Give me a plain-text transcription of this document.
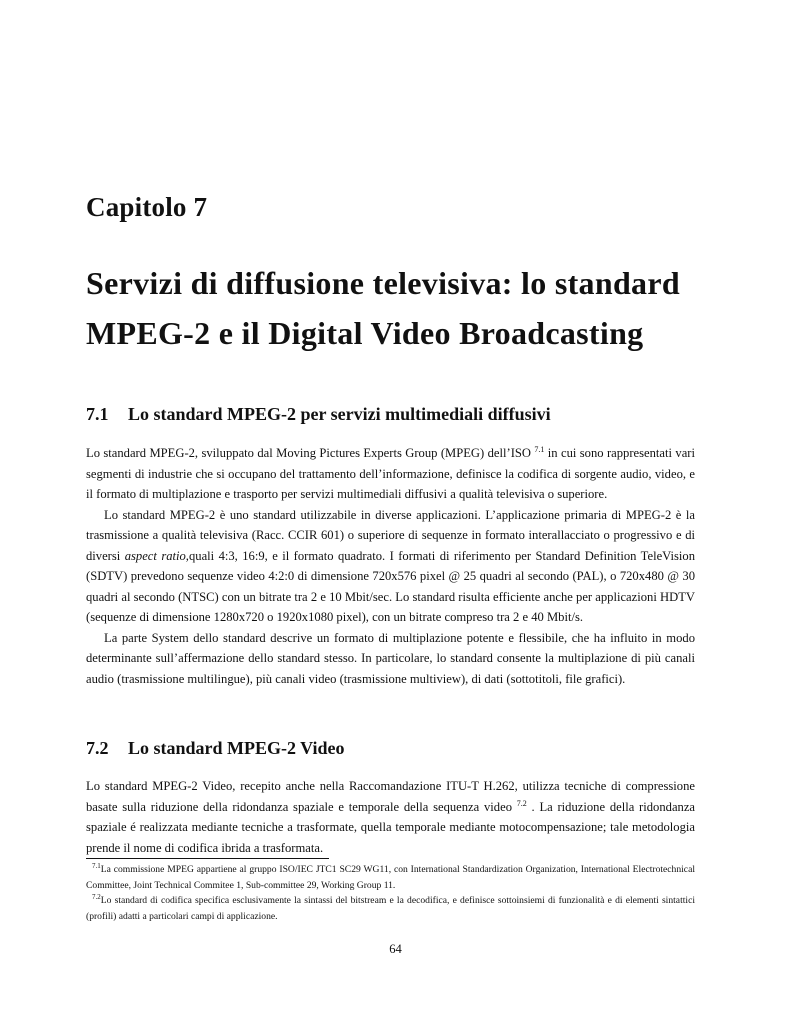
Capitolo 7
Servizi di diffusione televisiva: lo standard
MPEG-2 e il Digital Video Broadcasting
7.1 Lo standard MPEG-2 per servizi multimediali diffusivi

Lo standard MPEG-2, sviluppato dal Moving Pictures Experts Group (MPEG) dell’ISO $^{7.1}$ in cui sono rappresentati vari segmenti di industrie che si occupano del trattamento dell’informazione, definisce la codifica di sorgente audio, video, e il formato di multiplazione e trasporto per servizi multimediali diffusivi a qualità televisiva o superiore.

Lo standard MPEG-2 è uno standard utilizzabile in diverse applicazioni. L’applicazione primaria di MPEG-2 è la trasmissione a qualità televisiva (Racc. CCIR 601) o superiore di sequenze in formato interallacciato o progressivo e di diversi aspect ratio,quali 4:3, 16:9, e il formato quadrato. I formati di riferimento per Standard Definition TeleVision (SDTV) prevedono sequenze video 4:2:0 di dimensione 720x576 pixel @ 25 quadri al secondo (PAL), o 720x480 @ 30 quadri al secondo (NTSC) con un bitrate tra 2 e 10 Mbit/sec. Lo standard risulta efficiente anche per applicazioni HDTV (sequenze di dimensione 1280x720 o 1920x1080 pixel), con un bitrate compreso tra 2 e 40 Mbit/s.

La parte System dello standard descrive un formato di multiplazione potente e flessibile, che ha influito in modo determinante sull’affermazione dello standard stesso. In particolare, lo standard consente la multiplazione di più canali audio (trasmissione multilingue), più canali video (trasmissione multiview), di dati (sottotitoli, file grafici).

7.2 Lo standard MPEG-2 Video

Lo standard MPEG-2 Video, recepito anche nella Raccomandazione ITU-T H.262, utilizza tecniche di compressione basate sulla riduzione della ridondanza spaziale e temporale della sequenza video $^{7.2}$ . La riduzione della ridondanza spaziale é realizzata mediante tecniche a trasformate, quella temporale mediante motocompensazione; tale metodologia prende il nome di codifica ibrida a trasformata.

$^{7.1}$La commissione MPEG appartiene al gruppo ISO/IEC JTC1 SC29 WG11, con International Standardization Organization, International Electrotechnical Committee, Joint Technical Commitee 1, Sub-committee 29, Working Group 11.

$^{7.2}$Lo standard di codifica specifica esclusivamente la sintassi del bitstream e la decodifica, e definisce sottoinsiemi di funzionalità e di elementi sintattici (profili) adatti a particolari campi di applicazione.

64
